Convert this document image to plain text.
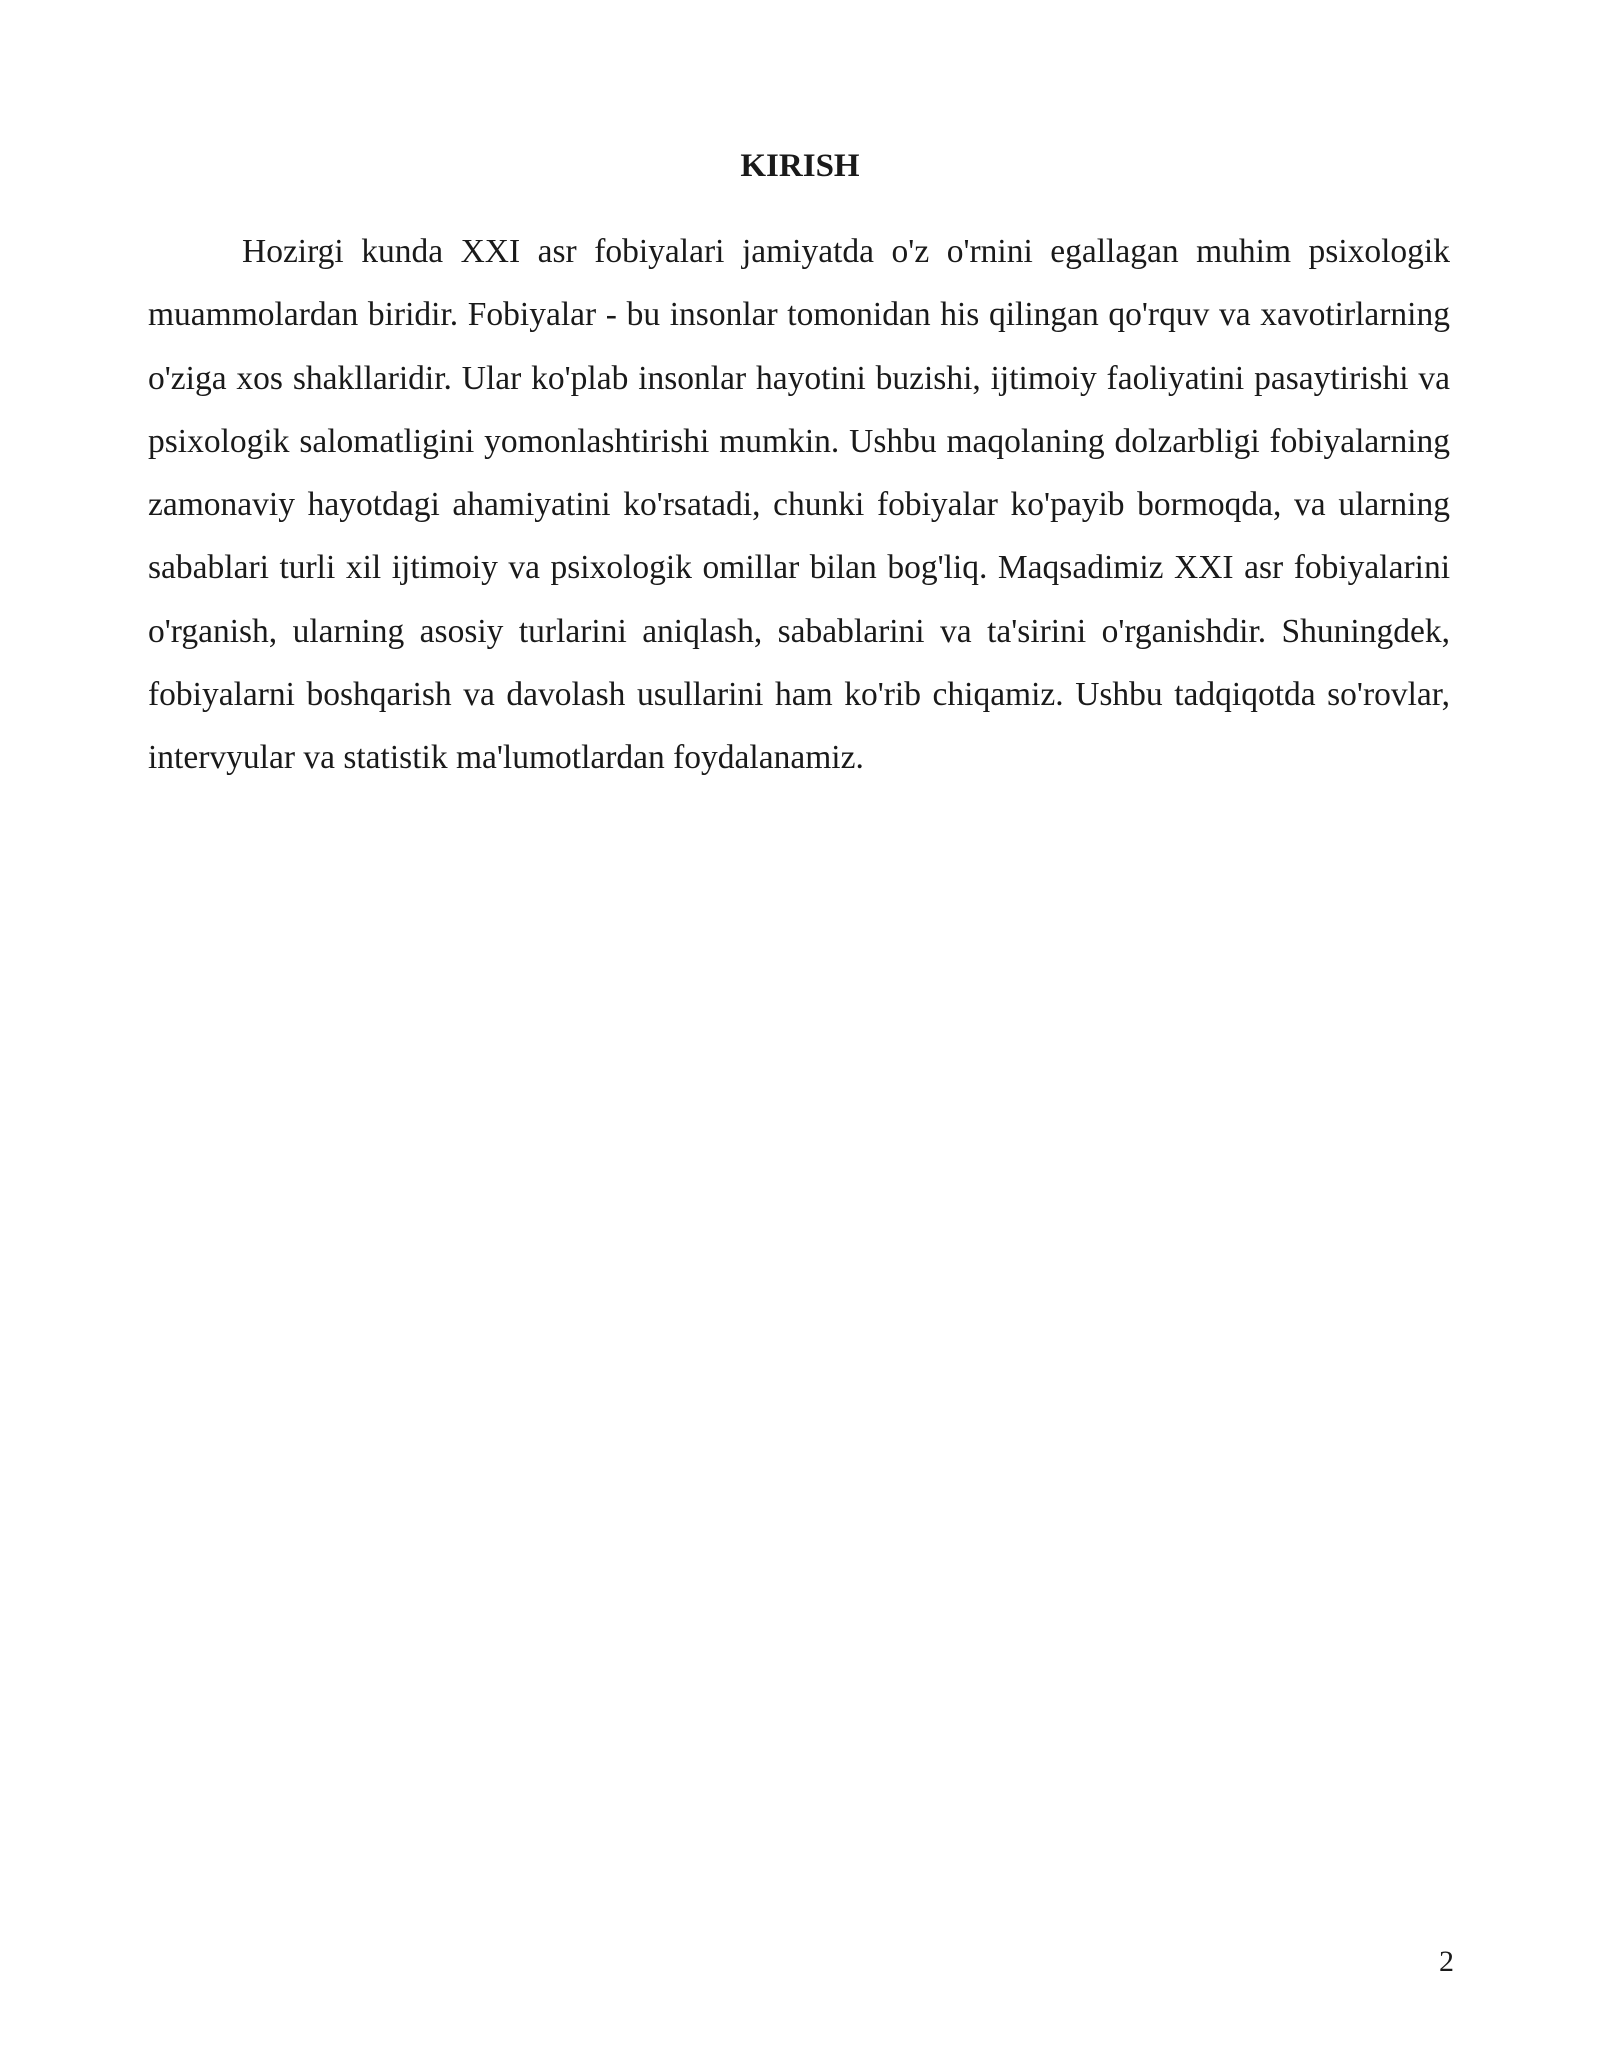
KIRISH

Hozirgi kunda XXI asr fobiyalari jamiyatda o'z o'rnini egallagan muhim psixologik muammolardan biridir. Fobiyalar - bu insonlar tomonidan his qilingan qo'rquv va xavotirlarning o'ziga xos shakllaridir. Ular ko'plab insonlar hayotini buzishi, ijtimoiy faoliyatini pasaytirishi va psixologik salomatligini yomonlashtirishi mumkin. Ushbu maqolaning dolzarbligi fobiyalarning zamonaviy hayotdagi ahamiyatini ko'rsatadi, chunki fobiyalar ko'payib bormoqda, va ularning sabablari turli xil ijtimoiy va psixologik omillar bilan bog'liq. Maqsadimiz XXI asr fobiyalarini o'rganish, ularning asosiy turlarini aniqlash, sabablarini va ta'sirini o'rganishdir. Shuningdek, fobiyalarni boshqarish va davolash usullarini ham ko'rib chiqamiz. Ushbu tadqiqotda so'rovlar, intervyular va statistik ma'lumotlardan foydalanamiz.

2
